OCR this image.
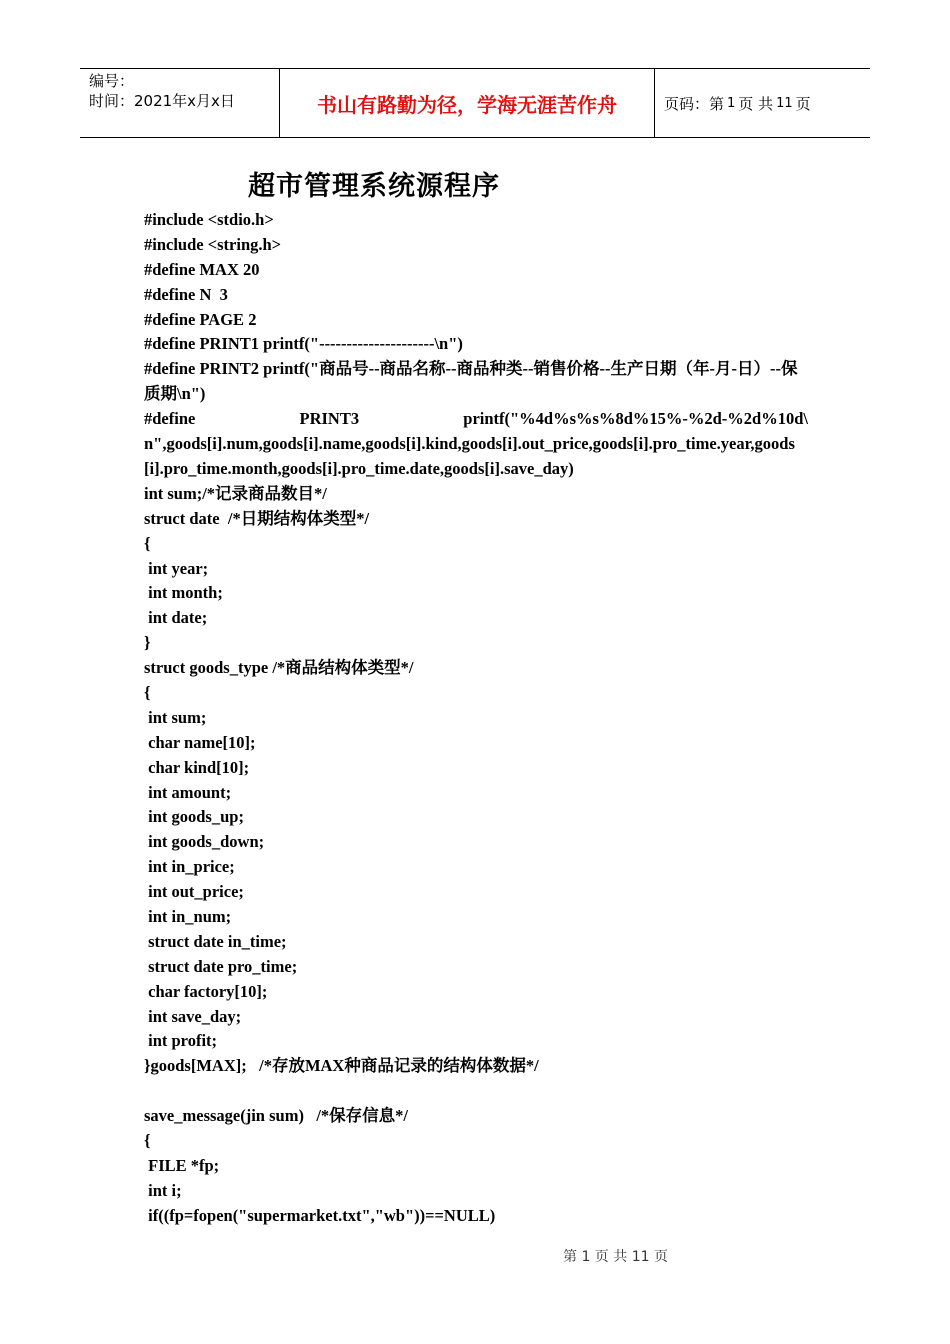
编号：
时间：2021年x月x日	书山有路勤为径，学海无涯苦作舟	页码：第 1 页 共 11 页
超市管理系统源程序
#include <stdio.h>
#include <string.h>
#define MAX 20
#define N  3
#define PAGE 2
#define PRINT1 printf("---------------------\n")
#define PRINT2 printf("商品号--商品名称--商品种类--销售价格--生产日期（年-月-日）--保质期\n")
#define	PRINT3	printf("%4d%s%s%8d%15%-%2d-%2d%10d\
n",goods[i].num,goods[i].name,goods[i].kind,goods[i].out_price,goods[i].pro_time.year,goods[i].pro_time.month,goods[i].pro_time.date,goods[i].save_day)
int sum;/*记录商品数目*/
struct date  /*日期结构体类型*/
{
int year;
int month;
int date;
}
struct goods_type /*商品结构体类型*/
{
int sum;
char name[10];
char kind[10];
int amount;
int goods_up;
int goods_down;
int in_price;
int out_price;
int in_num;
struct date in_time;
struct date pro_time;
char factory[10];
int save_day;
int profit;
}goods[MAX];   /*存放MAX种商品记录的结构体数据*/
save_message(jin sum)   /*保存信息*/
{
FILE *fp;
int i;
if((fp=fopen("supermarket.txt","wb"))==NULL)
第 1 页 共 11 页
